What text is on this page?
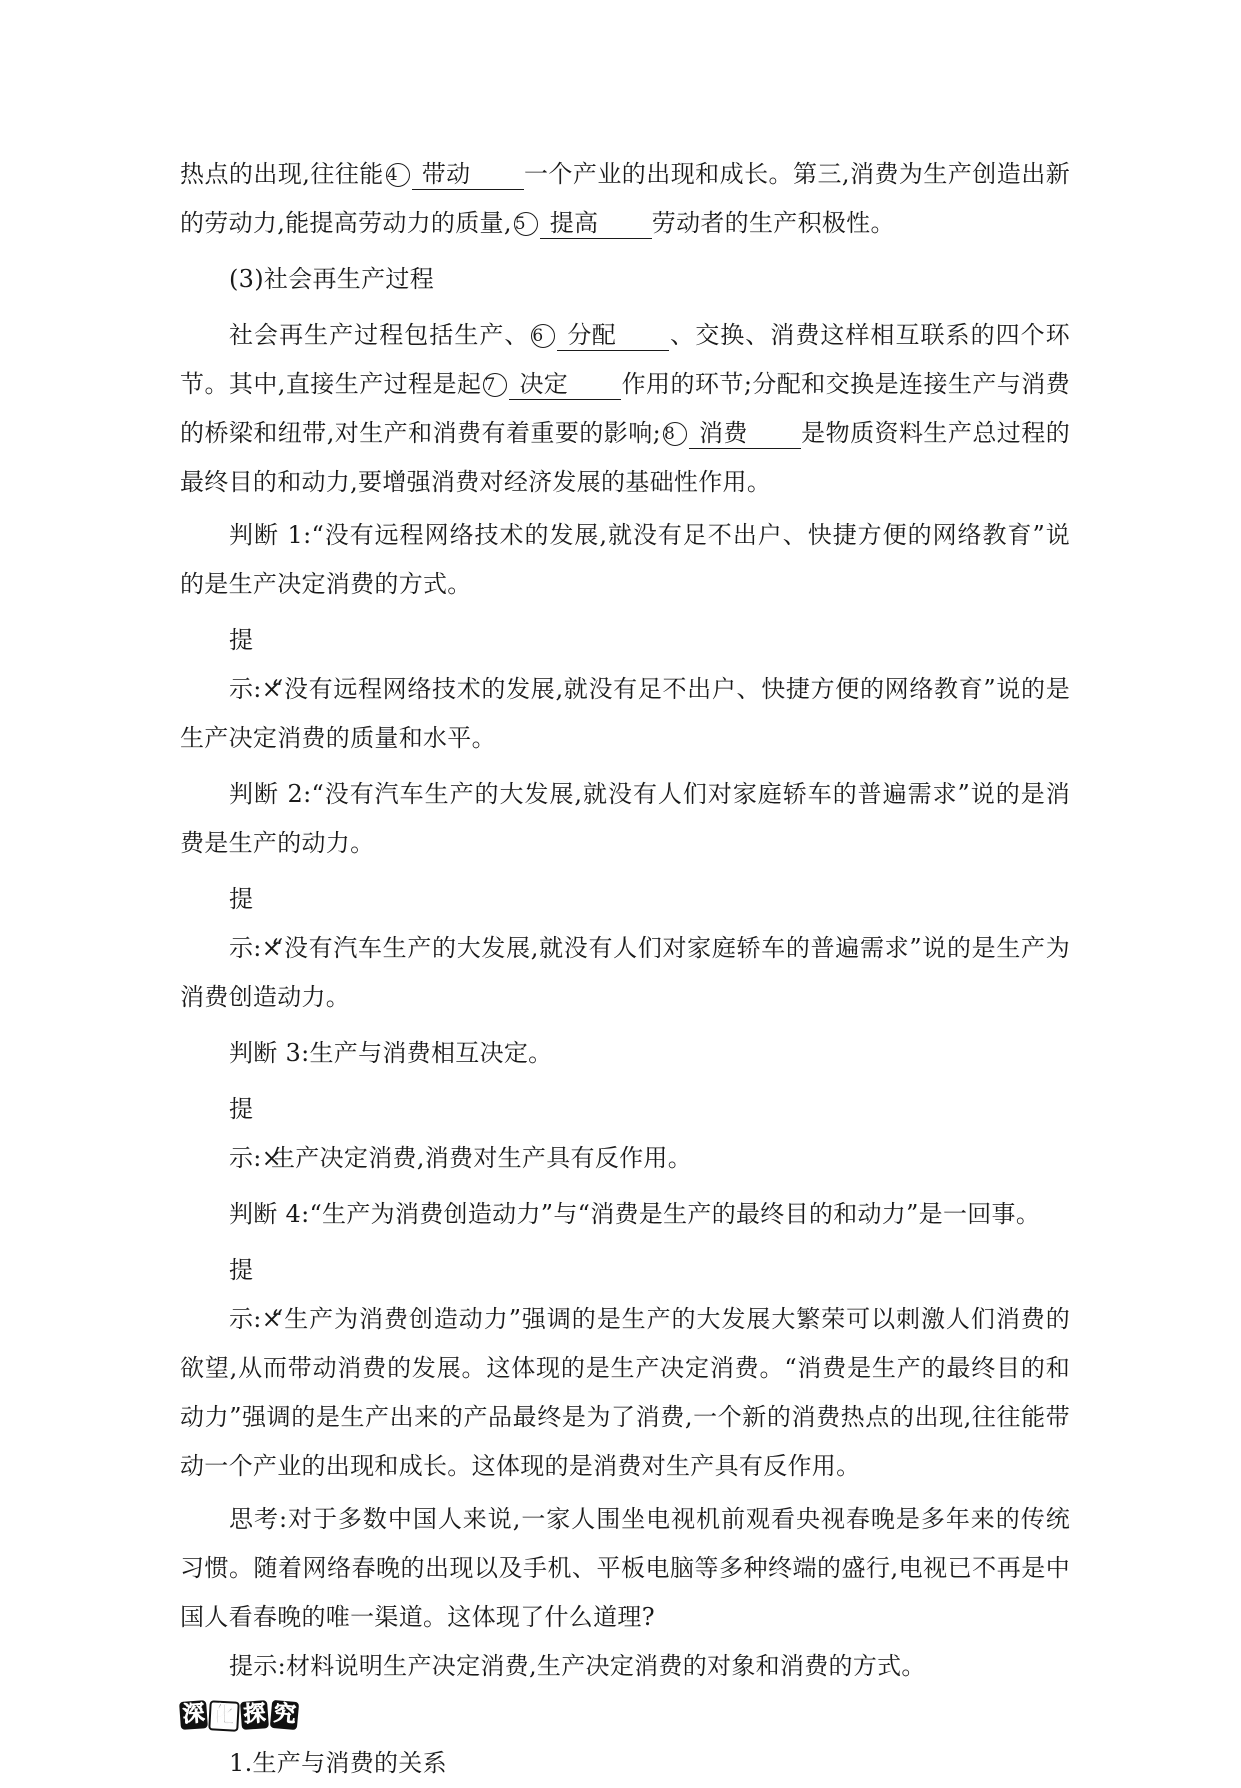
热点的出现,往往能 4 带动 一个产业的出现和成长。第三,消费为生产创造出新的劳动力,能提高劳动力的质量, 5 提高 劳动者的生产积极性。

(3)社会再生产过程

社会再生产过程包括生产、 6 分配 、交换、消费这样相互联系的四个环节。其中,直接生产过程是起 7 决定 作用的环节;分配和交换是连接生产与消费的桥梁和纽带,对生产和消费有着重要的影响; 8 消费 是物质资料生产总过程的最终目的和动力,要增强消费对经济发展的基础性作用。

判断 1:“没有远程网络技术的发展,就没有足不出户、快捷方便的网络教育”说的是生产决定消费的方式。

提示:×“没有远程网络技术的发展,就没有足不出户、快捷方便的网络教育”说的是生产决定消费的质量和水平。

判断 2:“没有汽车生产的大发展,就没有人们对家庭轿车的普遍需求”说的是消费是生产的动力。

提示:×“没有汽车生产的大发展,就没有人们对家庭轿车的普遍需求”说的是生产为消费创造动力。

判断 3:生产与消费相互决定。

提示:×生产决定消费,消费对生产具有反作用。

判断 4:“生产为消费创造动力”与“消费是生产的最终目的和动力”是一回事。

提示:×“生产为消费创造动力”强调的是生产的大发展大繁荣可以刺激人们消费的欲望,从而带动消费的发展。这体现的是生产决定消费。“消费是生产的最终目的和动力”强调的是生产出来的产品最终是为了消费,一个新的消费热点的出现,往往能带动一个产业的出现和成长。这体现的是消费对生产具有反作用。

思考:对于多数中国人来说,一家人围坐电视机前观看央视春晚是多年来的传统习惯。随着网络春晚的出现以及手机、平板电脑等多种终端的盛行,电视已不再是中国人看春晚的唯一渠道。这体现了什么道理?

提示:材料说明生产决定消费,生产决定消费的对象和消费的方式。

深 化 探 究

1.生产与消费的关系
